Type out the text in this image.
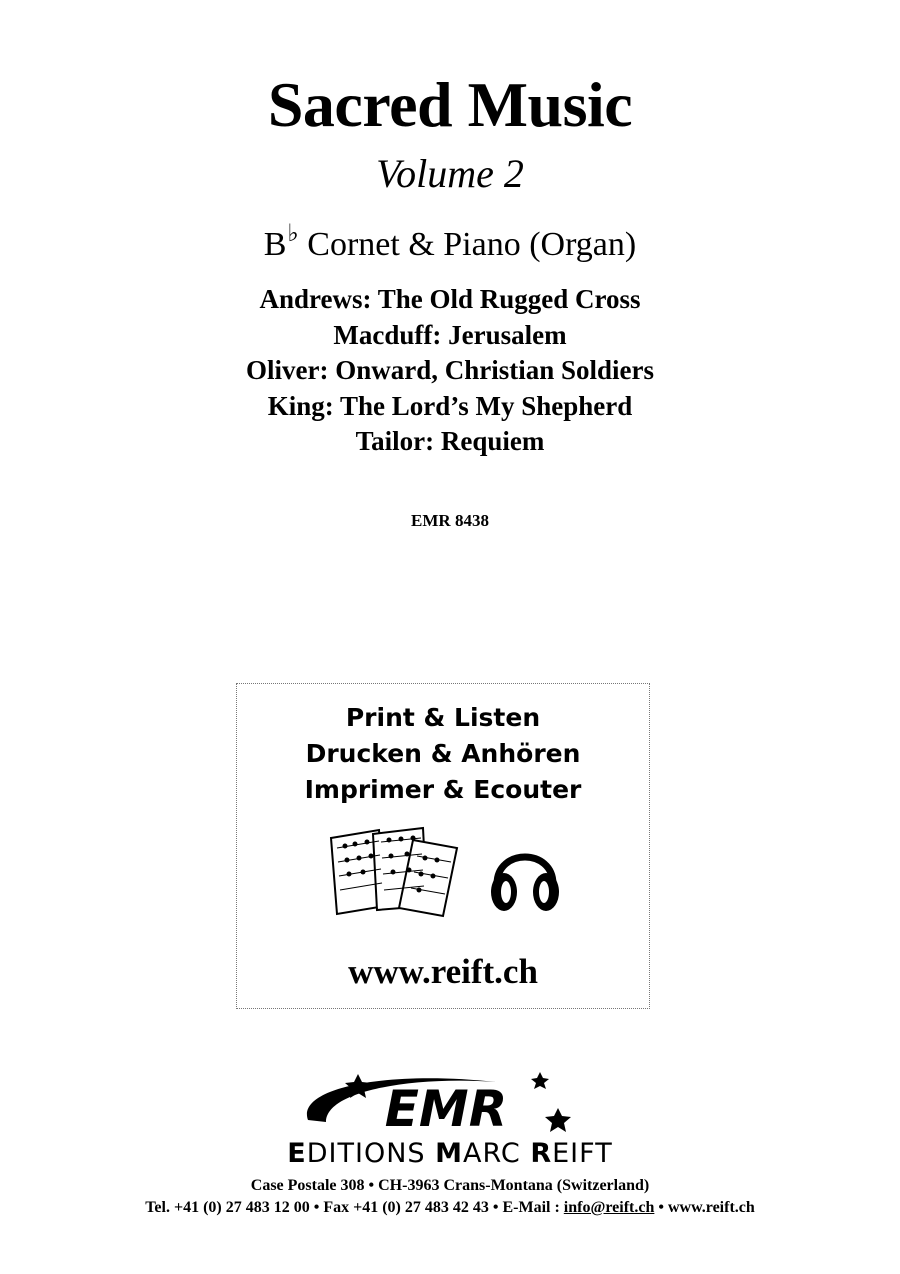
Sacred Music
Volume 2
B♭ Cornet & Piano (Organ)
Andrews: The Old Rugged Cross
Macduff: Jerusalem
Oliver: Onward, Christian Soldiers
King: The Lord’s My Shepherd
Tailor: Requiem
EMR 8438
Print & Listen
Drucken & Anhören
Imprimer & Ecouter
www.reift.ch
EMR
EDITIONS MARC REIFT
Case Postale 308 • CH-3963 Crans-Montana (Switzerland)
Tel. +41 (0) 27 483 12 00 • Fax +41 (0) 27 483 42 43 • E-Mail : info@reift.ch • www.reift.ch
